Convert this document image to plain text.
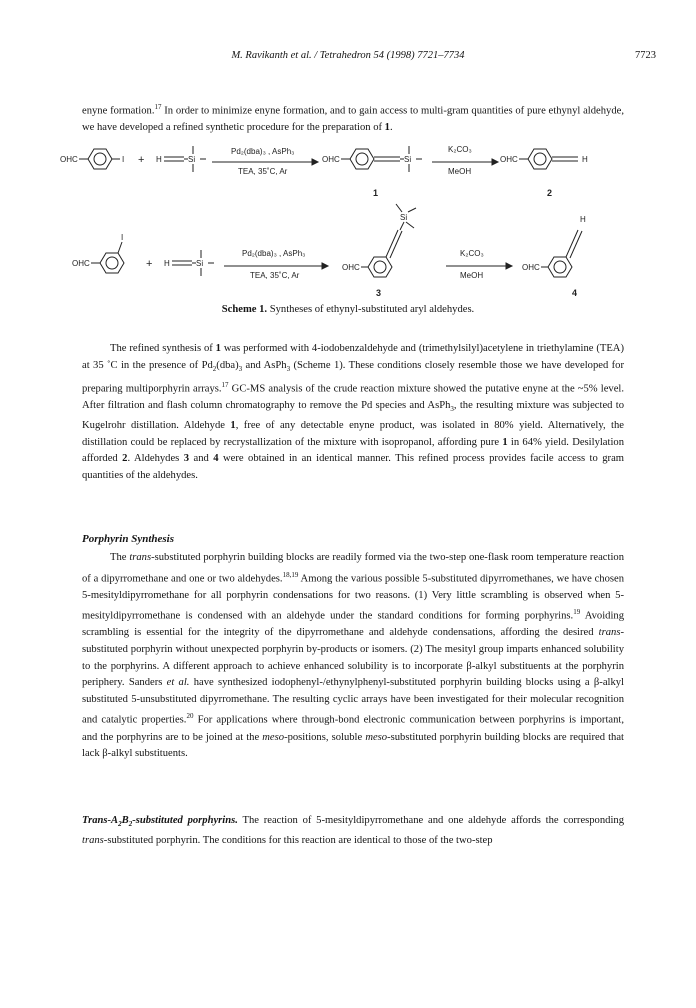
M. Ravikanth et al. / Tetrahedron 54 (1998) 7721–7734	7723

enyne formation.$^{17}$ In order to minimize enyne formation, and to gain access to multi-gram quantities of pure ethynyl aldehyde, we have developed a refined synthetic procedure for the preparation of 1.

OHC	I + H	Si
Pd₂(dba)₃ , AsPh₃
TEA, 35˚C, Ar
OHC	Si
1
K₂CO₃
MeOH
OHC	H
2
OHC
I
+ H	Si
Pd₂(dba)₃ , AsPh₃
TEA, 35˚C, Ar
OHC
Si
3
K₂CO₃
MeOH
OHC
H
4

Scheme 1. Syntheses of ethynyl-substituted aryl aldehydes.

The refined synthesis of 1 was performed with 4-iodobenzaldehyde and (trimethylsilyl)acetylene in triethylamine (TEA) at 35 ˚C in the presence of $Pd_2(dba)_3$ and AsPh$_3$ (Scheme 1). These conditions closely resemble those we have developed for preparing multiporphyrin arrays.$^{17}$ GC-MS analysis of the crude reaction mixture showed the putative enyne at the ~5% level. After filtration and flash column chromatography to remove the Pd species and AsPh$_3$, the resulting mixture was subjected to Kugelrohr distillation. Aldehyde 1, free of any detectable enyne product, was isolated in 80% yield. Alternatively, the distillation could be replaced by recrystallization of the mixture with isopropanol, affording pure 1 in 64% yield. Desilylation afforded 2. Aldehydes 3 and 4 were obtained in an identical manner. This refined process provides facile access to gram quantities of the aldehydes.

Porphyrin Synthesis

The trans-substituted porphyrin building blocks are readily formed via the two-step one-flask room temperature reaction of a dipyrromethane and one or two aldehydes.$^{18,19}$ Among the various possible 5-substituted dipyrromethanes, we have chosen 5-mesityldipyrromethane for all porphyrin condensations for two reasons. (1) Very little scrambling is observed when 5-mesityldipyrromethane is condensed with an aldehyde under the standard conditions for forming porphyrins.$^{19}$ Avoiding scrambling is essential for the integrity of the dipyrromethane and aldehyde condensations, affording the desired trans-substituted porphyrin without unexpected porphyrin by-products or isomers. (2) The mesityl group imparts enhanced solubility to the porphyrins. A different approach to achieve enhanced solubility is to incorporate β-alkyl substituents at the porphyrin periphery. Sanders et al. have synthesized iodophenyl-/ethynylphenyl-substituted porphyrin building blocks using a β-alkyl substituted 5-unsubstituted dipyrromethane. The resulting cyclic arrays have been investigated for their molecular recognition and catalytic properties.$^{20}$ For applications where through-bond electronic communication between porphyrins is important, and the porphyrins are to be joined at the meso-positions, soluble meso-substituted porphyrin building blocks are required that lack β-alkyl substituents.

Trans-$A_2B_2$-substituted porphyrins. The reaction of 5-mesityldipyrromethane and one aldehyde affords the corresponding trans-substituted porphyrin. The conditions for this reaction are identical to those of the two-step
